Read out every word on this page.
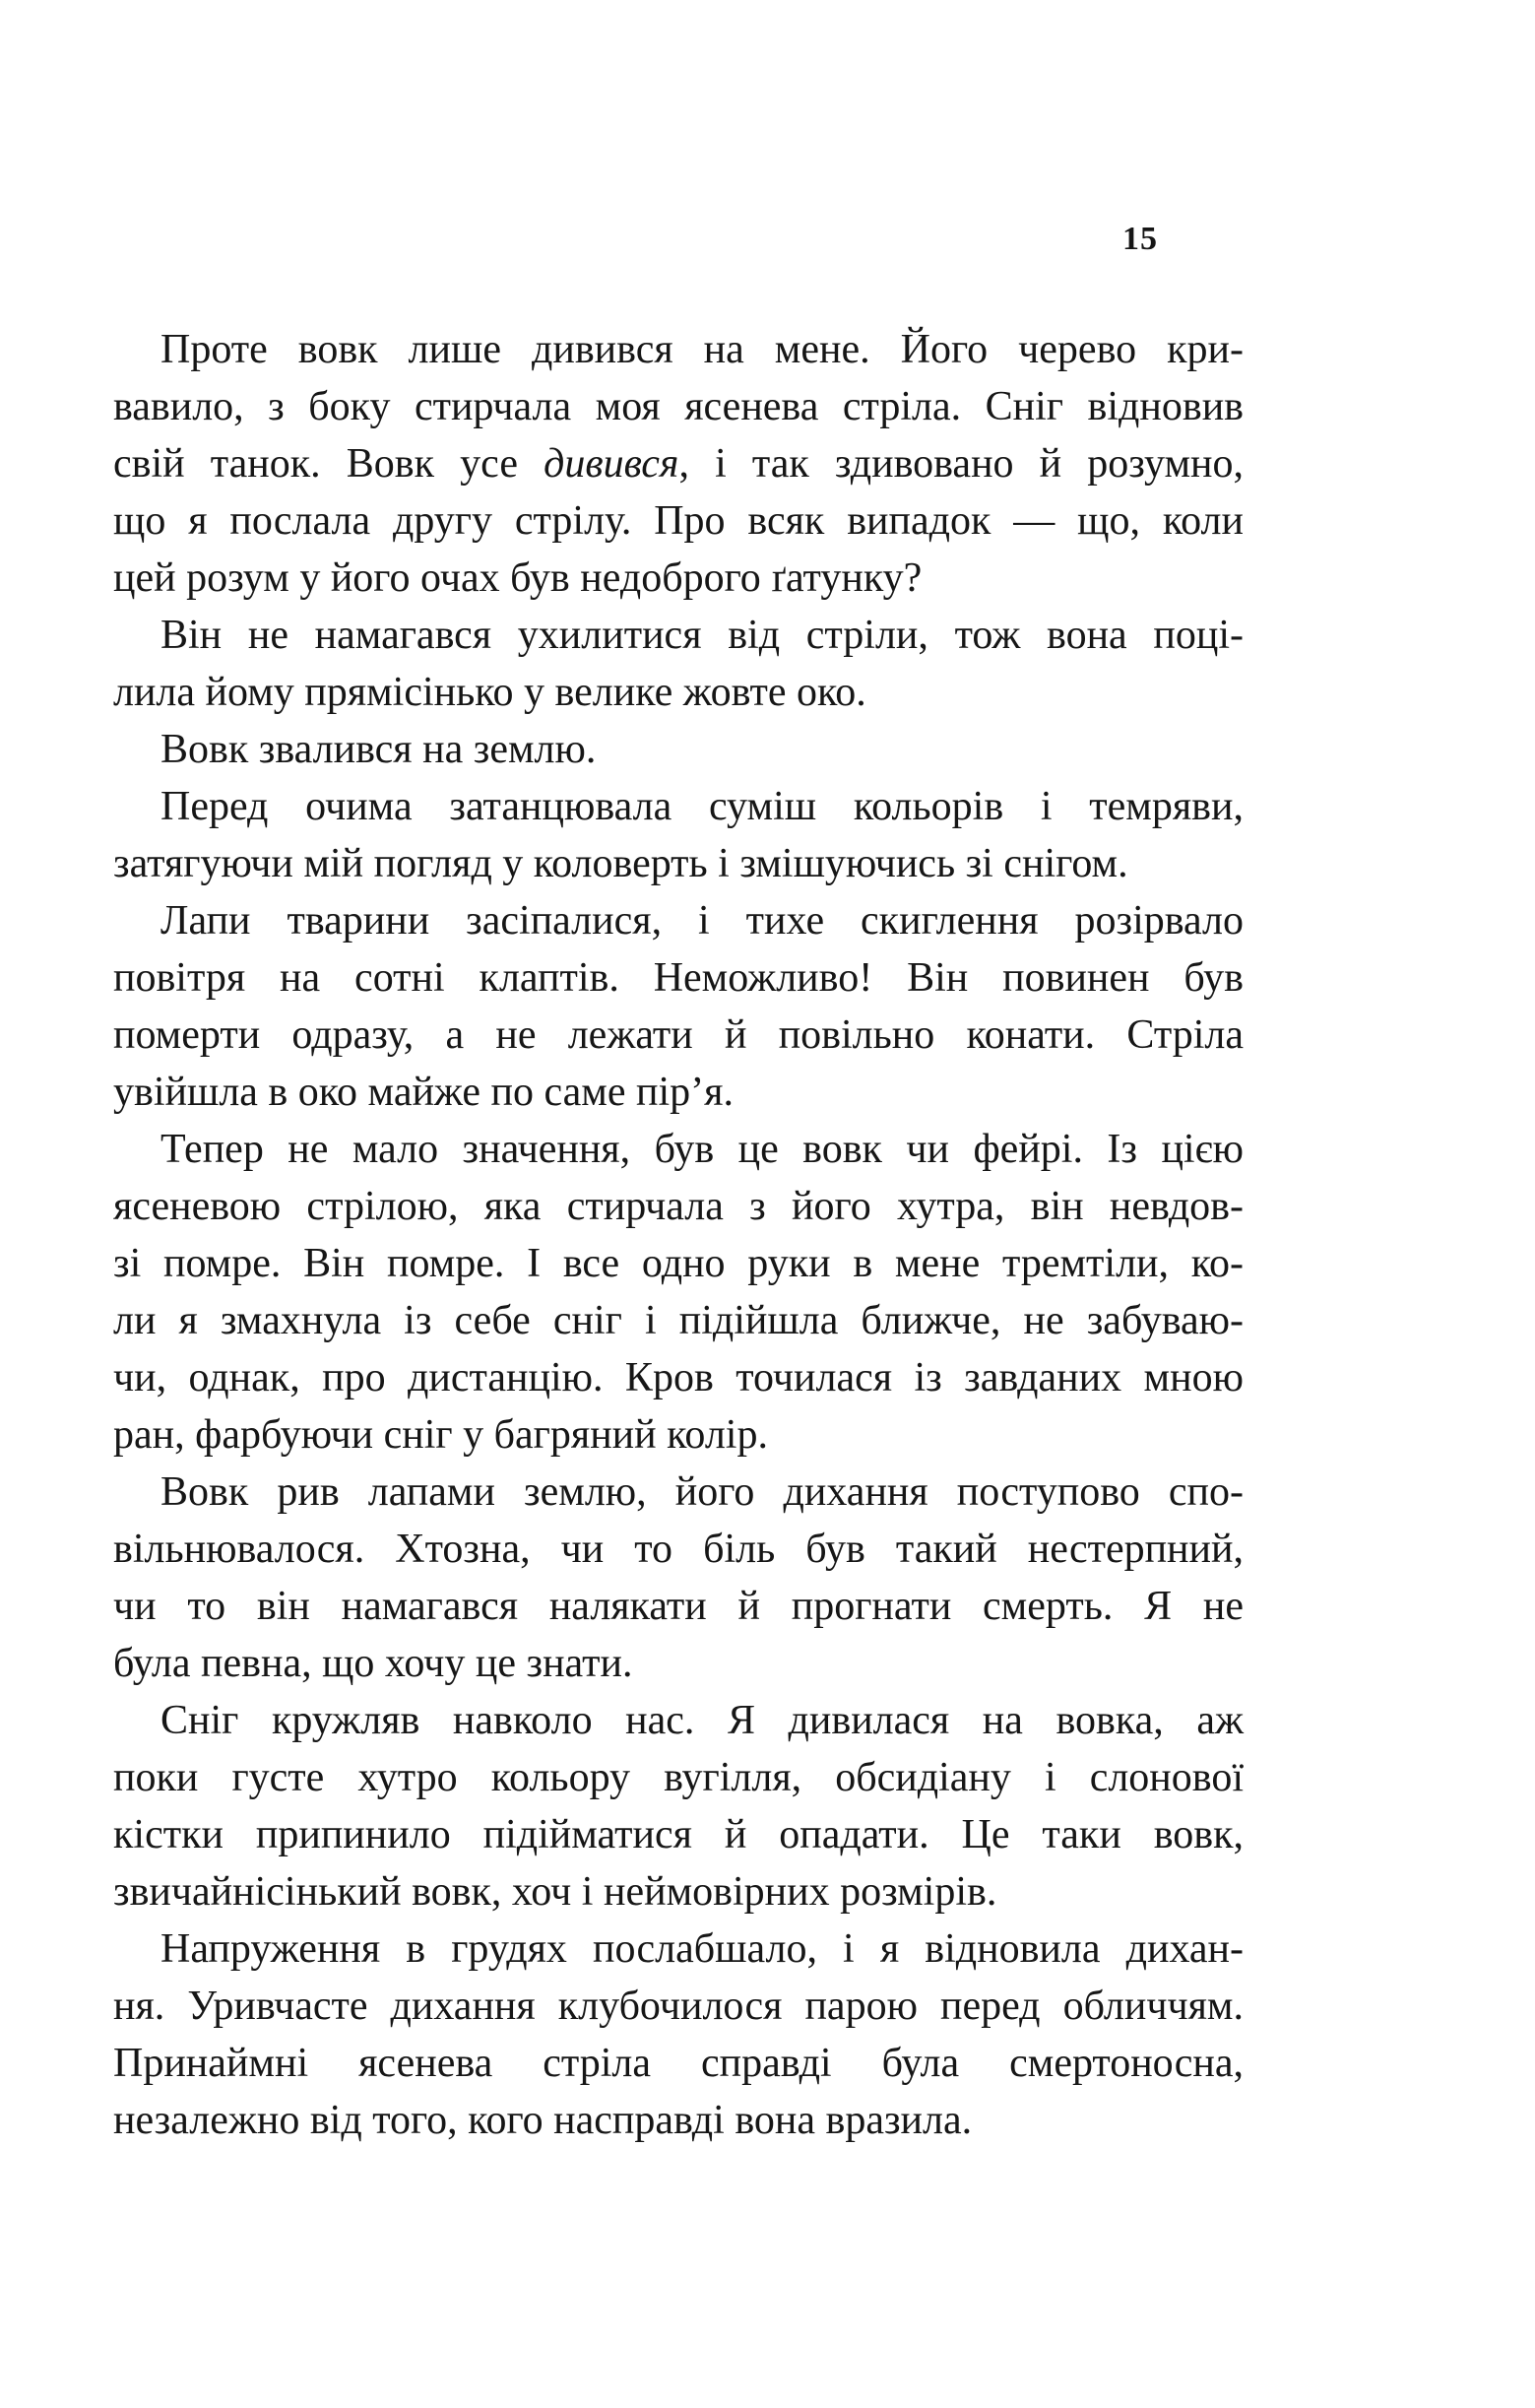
15

Проте вовк лише дивився на мене. Його черево кри-
вавило, з боку стирчала моя ясенева стріла. Сніг відновив
свій танок. Вовк усе дивився, і так здивовано й розумно,
що я послала другу стрілу. Про всяк випадок — що, коли
цей розум у його очах був недоброго ґатунку?

Він не намагався ухилитися від стріли, тож вона поці-
лила йому прямісінько у велике жовте око.

Вовк звалився на землю.

Перед очима затанцювала суміш кольорів і темряви,
затягуючи мій погляд у коловерть і змішуючись зі снігом.

Лапи тварини засіпалися, і тихе скиглення розірвало
повітря на сотні клаптів. Неможливо! Він повинен був
померти одразу, а не лежати й повільно конати. Стріла
увійшла в око майже по саме пір’я.

Тепер не мало значення, був це вовк чи фейрі. Із цією
ясеневою стрілою, яка стирчала з його хутра, він невдов-
зі помре. Він помре. І все одно руки в мене тремтіли, ко-
ли я змахнула із себе сніг і підійшла ближче, не забуваю-
чи, однак, про дистанцію. Кров точилася із завданих мною
ран, фарбуючи сніг у багряний колір.

Вовк рив лапами землю, його дихання поступово спо-
вільнювалося. Хтозна, чи то біль був такий нестерпний,
чи то він намагався налякати й прогнати смерть. Я не
була певна, що хочу це знати.

Сніг кружляв навколо нас. Я дивилася на вовка, аж
поки густе хутро кольору вугілля, обсидіану і слонової
кістки припинило підійматися й опадати. Це таки вовк,
звичайнісінький вовк, хоч і неймовірних розмірів.

Напруження в грудях послабшало, і я відновила дихан-
ня. Уривчасте дихання клубочилося парою перед обличчям.
Принаймні ясенева стріла справді була смертоносна,
незалежно від того, кого насправді вона вразила.
